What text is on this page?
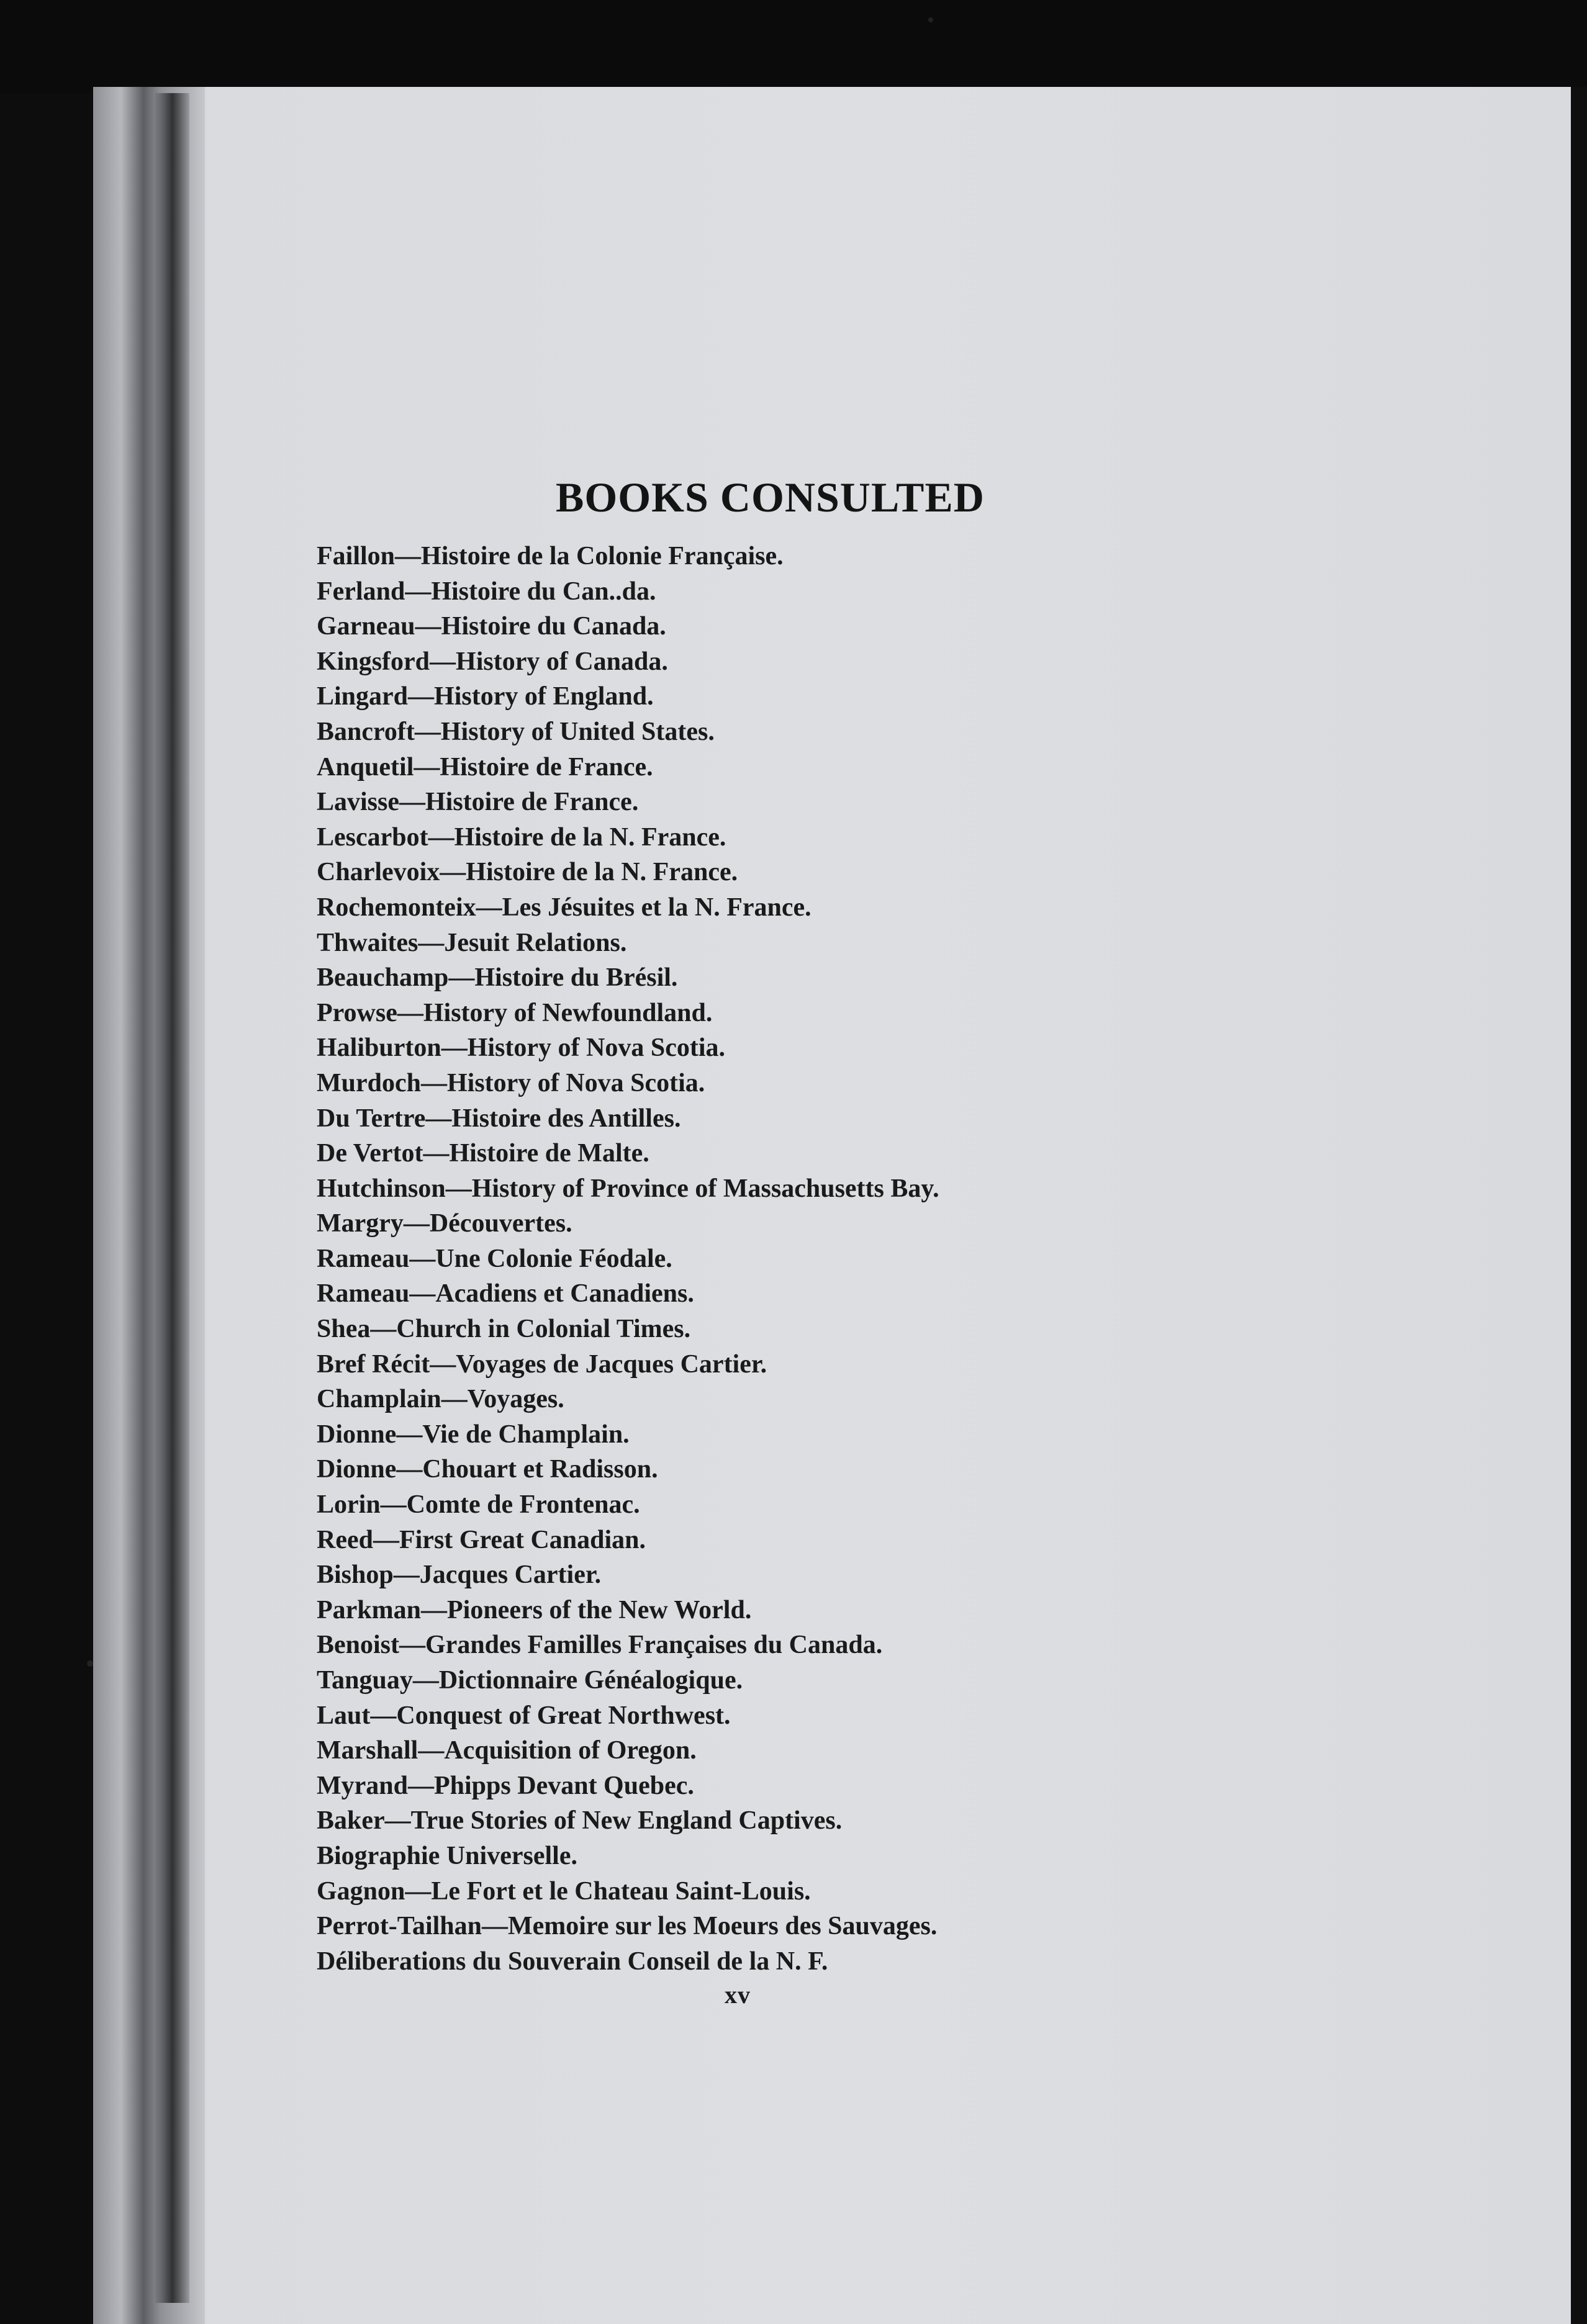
BOOKS CONSULTED
Faillon—Histoire de la Colonie Française.
Ferland—Histoire du Can..da.
Garneau—Histoire du Canada.
Kingsford—History of Canada.
Lingard—History of England.
Bancroft—History of United States.
Anquetil—Histoire de France.
Lavisse—Histoire de France.
Lescarbot—Histoire de la N. France.
Charlevoix—Histoire de la N. France.
Rochemonteix—Les Jésuites et la N. France.
Thwaites—Jesuit Relations.
Beauchamp—Histoire du Brésil.
Prowse—History of Newfoundland.
Haliburton—History of Nova Scotia.
Murdoch—History of Nova Scotia.
Du Tertre—Histoire des Antilles.
De Vertot—Histoire de Malte.
Hutchinson—History of Province of Massachusetts Bay.
Margry—Découvertes.
Rameau—Une Colonie Féodale.
Rameau—Acadiens et Canadiens.
Shea—Church in Colonial Times.
Bref Récit—Voyages de Jacques Cartier.
Champlain—Voyages.
Dionne—Vie de Champlain.
Dionne—Chouart et Radisson.
Lorin—Comte de Frontenac.
Reed—First Great Canadian.
Bishop—Jacques Cartier.
Parkman—Pioneers of the New World.
Benoist—Grandes Familles Françaises du Canada.
Tanguay—Dictionnaire Généalogique.
Laut—Conquest of Great Northwest.
Marshall—Acquisition of Oregon.
Myrand—Phipps Devant Quebec.
Baker—True Stories of New England Captives.
Biographie Universelle.
Gagnon—Le Fort et le Chateau Saint-Louis.
Perrot-Tailhan—Memoire sur les Moeurs des Sauvages.
Déliberations du Souverain Conseil de la N. F.
xv
